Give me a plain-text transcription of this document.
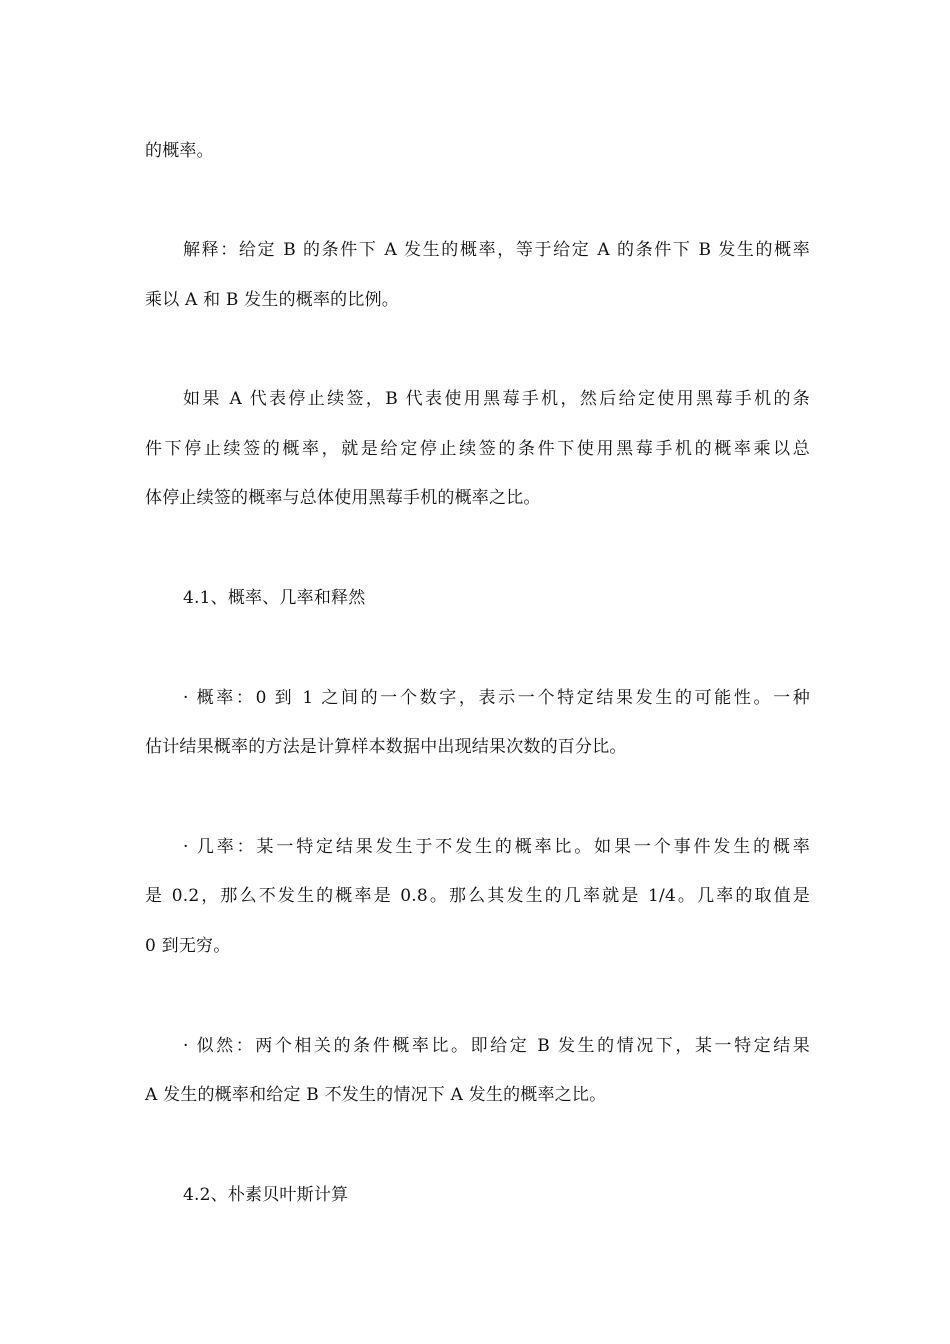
的概率。
解释：给定 B 的条件下 A 发生的概率，等于给定 A 的条件下 B 发生的概率
乘以 A 和 B 发生的概率的比例。
如果 A 代表停止续签，B 代表使用黑莓手机，然后给定使用黑莓手机的条
件下停止续签的概率，就是给定停止续签的条件下使用黑莓手机的概率乘以总
体停止续签的概率与总体使用黑莓手机的概率之比。
4.1、概率、几率和释然
· 概率：0 到 1 之间的一个数字，表示一个特定结果发生的可能性。一种
估计结果概率的方法是计算样本数据中出现结果次数的百分比。
· 几率：某一特定结果发生于不发生的概率比。如果一个事件发生的概率
是 0.2，那么不发生的概率是 0.8。那么其发生的几率就是 1/4。几率的取值是
0 到无穷。
· 似然：两个相关的条件概率比。即给定 B 发生的情况下，某一特定结果
A 发生的概率和给定 B 不发生的情况下 A 发生的概率之比。
4.2、朴素贝叶斯计算
